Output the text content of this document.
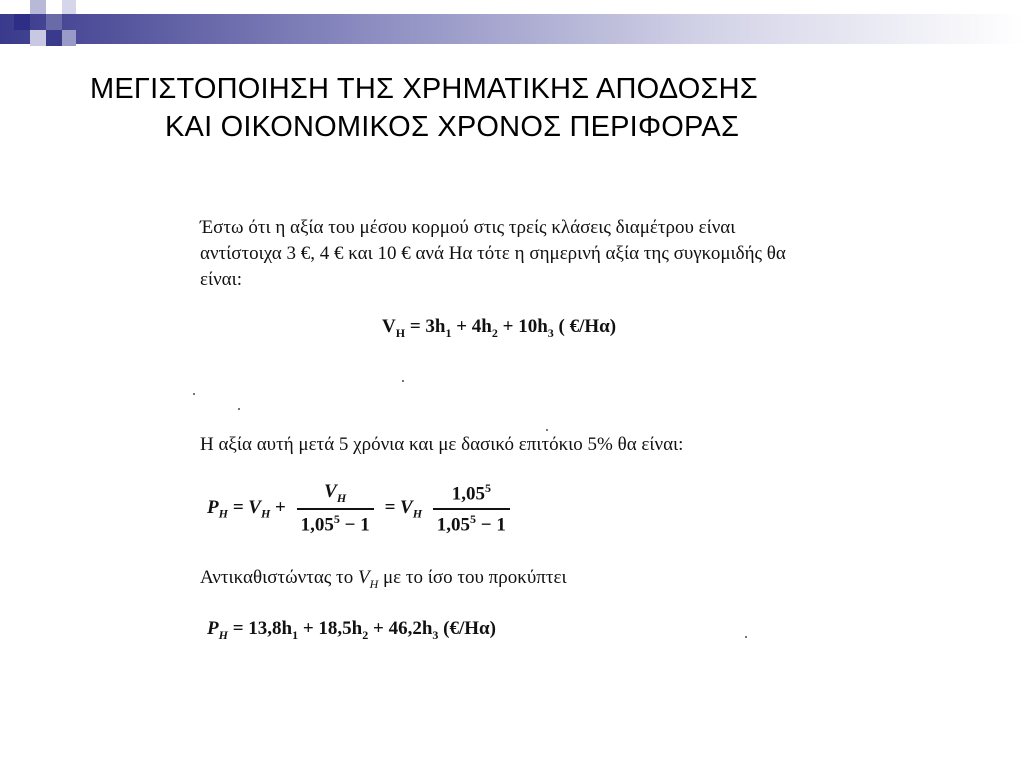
ΜΕΓΙΣΤΟΠΟΙΗΣΗ ΤΗΣ ΧΡΗΜΑΤΙΚΗΣ ΑΠΟΔΟΣΗΣ
ΚΑΙ ΟΙΚΟΝΟΜΙΚΟΣ ΧΡΟΝΟΣ ΠΕΡΙΦΟΡΑΣ
Έστω ότι η αξία του μέσου κορμού στις τρείς κλάσεις διαμέτρου είναι αντίστοιχα 3 €, 4 € και 10 € ανά Ηα τότε η σημερινή αξία της συγκομιδής θα είναι:
$V_H = 3h_1 + 4h_2 + 10h_3$ ( €/Ηα)
Η αξία αυτή μετά 5 χρόνια και με δασικό επιτόκιο 5% θα είναι:
$P_H = V_H + \frac{V_H}{1,05^5 - 1} = V_H \frac{1,05^5}{1,05^5 - 1}$
Αντικαθιστώντας το $V_H$ με το ίσο του προκύπτει
$P_H = 13,8h_1 + 18,5h_2 + 46,2h_3$ (€/Ηα)
